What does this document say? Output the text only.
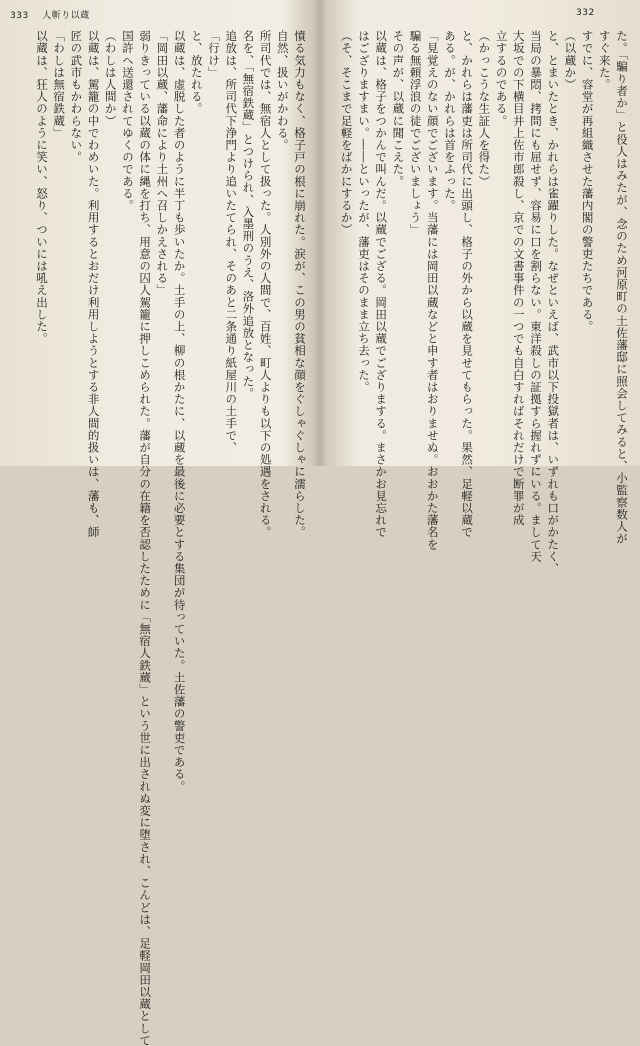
333 人斬り以蔵
憤る気力もなく、格子戸の根に崩れた。涙が、この男の貧相な顔をぐしゃぐしゃに濡らした。
自然、扱いがかわる。
所司代では、無宿人として扱った。人別外の人間で、百姓、町人よりも以下の処遇をされる。
名を、「無宿鉄蔵」とつけられ、入墨刑のうえ、洛外追放となった。
追放は、所司代下浄門より追いたてられ、そのあと二条通り紙屋川の土手で、
「行け」
と、放たれる。
以蔵は、虚脱した者のように半丁も歩いたか。土手の上、柳の根かたに、以蔵を最後に必要とする集団が待っていた。土佐藩の警吏である。
「岡田以蔵、藩命により土州へ召しかえされる」
弱りきっている以蔵の体に縄を打ち、用意の囚人駕籠に押しこめられた。藩が自分の在籍を否認したために「無宿人鉄蔵」という世に出されぬ変に堕され、こんどは、足軽岡田以蔵として
国許へ送還されてゆくのである。
（わしは人間か）
以蔵は、駕籠の中でわめいた。利用するとおだけ利用しようとする非人間的扱いは、藩も、師
匠の武市もかわらない。
「わしは無宿鉄蔵」
以蔵は、狂人のように笑い、怒り、ついには吼え出した。
332
た。「騙り者か」と役人はみたが、念のため河原町の土佐藩邸に照会してみると、小監察数人が
すぐ来た。
すでに、容堂が再組織させた藩内閣の警吏たちである。
（以蔵か）
と、とまいたとき、かれらは雀躍りした。なぜといえば、武市以下投獄者は、いずれも口がかたく、
当局の暴悶、拷問にも屈せず、容易に口を割らない。東洋殺しの証拠すら握れずにいる。まして天
大坂での下横目井上佐市郎殺し、京での文書事件の一つでも自白すればそれだけで断罪が成
立するのである。
（かっこうな生証人を得た）
と、かれらは藩吏は所司代に出頭し、格子の外から以蔵を見せてもらった。果然、足軽以蔵で
ある。が、かれらは首をふった。
「見覚えのない顔でございます。当藩には岡田以蔵などと申す者はおりませぬ。おおかた藩名を
騙る無頼浮浪の徒でございましょう」
その声が、以蔵に聞こえた。
以蔵は、格子をつかんで叫んだ。以蔵でござる。岡田以蔵でござりまする。まさかお見忘れで
はござりますまい。――といったが、藩吏はそのまま立ち去った。
（そ、そこまで足軽をばかにするか）
